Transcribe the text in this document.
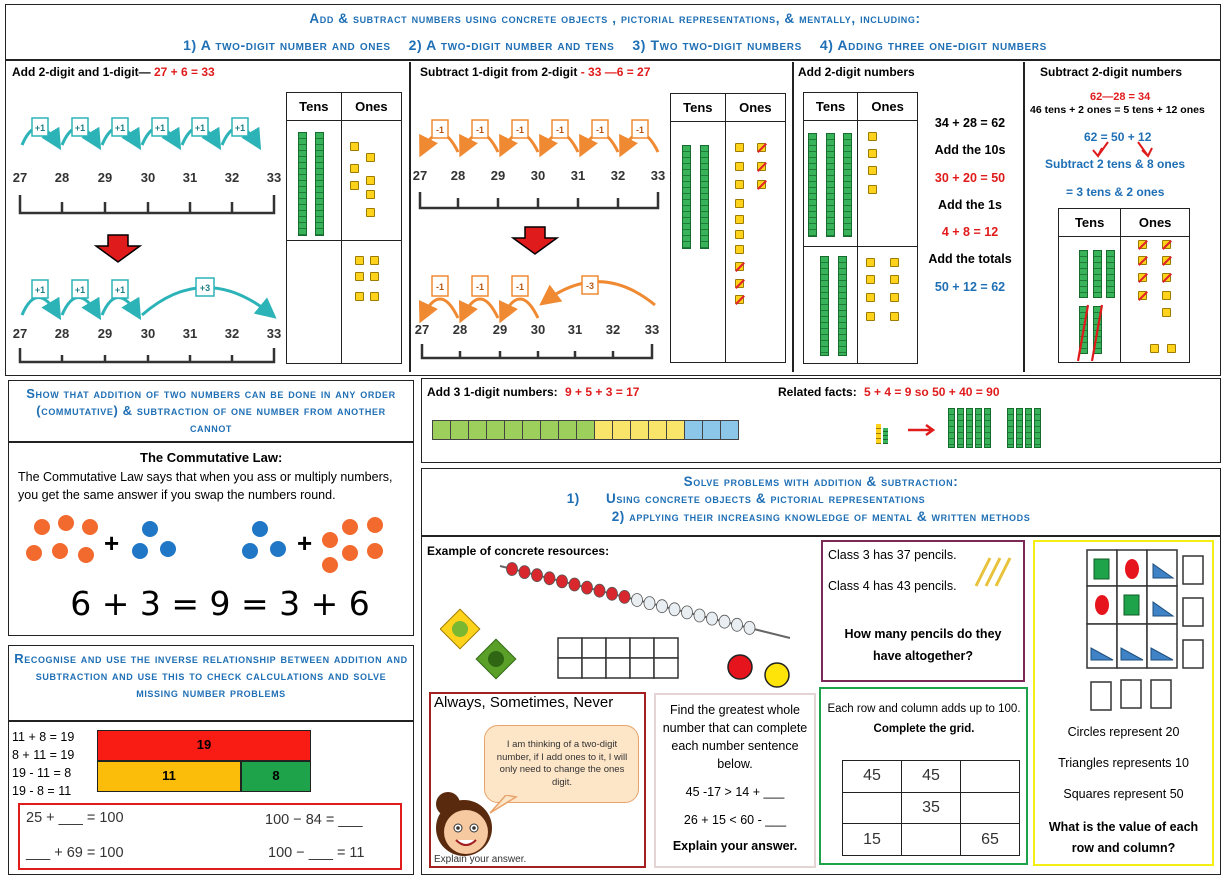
Add & subtract numbers using concrete objects , pictorial representations, & mentally, including:
1) A two-digit number and ones    2) A two-digit number and tens    3) Two two-digit numbers    4) Adding three one-digit numbers
Add 2-digit and 1-digit— 27 + 6 = 33
+1	+1	+1	+1	+1	+1
27 28 29 30 31 32 33
+1	+1	+1	+3
27 28 29 30 31 32 33
Tens	Ones

Subtract 1-digit from 2-digit - 33 —6 = 27
-1	-1	-1	-1	-1	-1
27 28 29 30 31 32 33
-1	-1	-1	-3
27 28 29 30 31 32 33
Tens	Ones

Add 2-digit numbers
Tens	Ones

34 + 28 = 62
Add the 10s
30 + 20 = 50
Add the 1s
4 + 8 = 12
Add the totals
50 + 12 = 62
Subtract 2-digit numbers
62—28 = 34
46 tens + 2 ones = 5 tens + 12 ones
62 = 50 + 12
Subtract 2 tens & 8 ones
= 3 tens & 2 ones
Tens	Ones

Show that addition of two numbers can be done in any order (commutative) & subtraction of one number from another cannot
The Commutative Law:
The Commutative Law says that when you ass or multiply numbers, you get the same answer if you swap the numbers round.
+	+
6 + 3 = 9 = 3 + 6
Recognise and use the inverse relationship between addition and subtraction and use this to check calculations and solve missing number problems
11 + 8 = 19
8 + 11 = 19
19 - 11 = 8
19 - 8 = 11
19
11	8
25 + ___ = 100	100 − 84 = ___
___ + 69 = 100	100 − ___ = 11
Add 3 1-digit numbers: 9 + 5 + 3 = 17	Related facts: 5 + 4 = 9 so 50 + 40 = 90
Solve problems with addition & subtraction:
1)      Using concrete objects & pictorial representations
2) applying their increasing knowledge of mental & written methods
Example of concrete resources:
Always, Sometimes, Never
I am thinking of a two-digit number, if I add ones to it, I will only need to change the ones digit.
Explain your answer.
Find the greatest whole number that can complete each number sentence below.
45 -17 > 14 + ___
26 + 15 < 60 - ___
Explain your answer.
Class 3 has 37 pencils.
Class 4 has 43 pencils.
How many pencils do they have altogether?
Each row and column adds up to 100. Complete the grid.
45	45	
	35	
15		65
Circles represent 20
Triangles represents 10
Squares represent 50
What is the value of each row and column?
